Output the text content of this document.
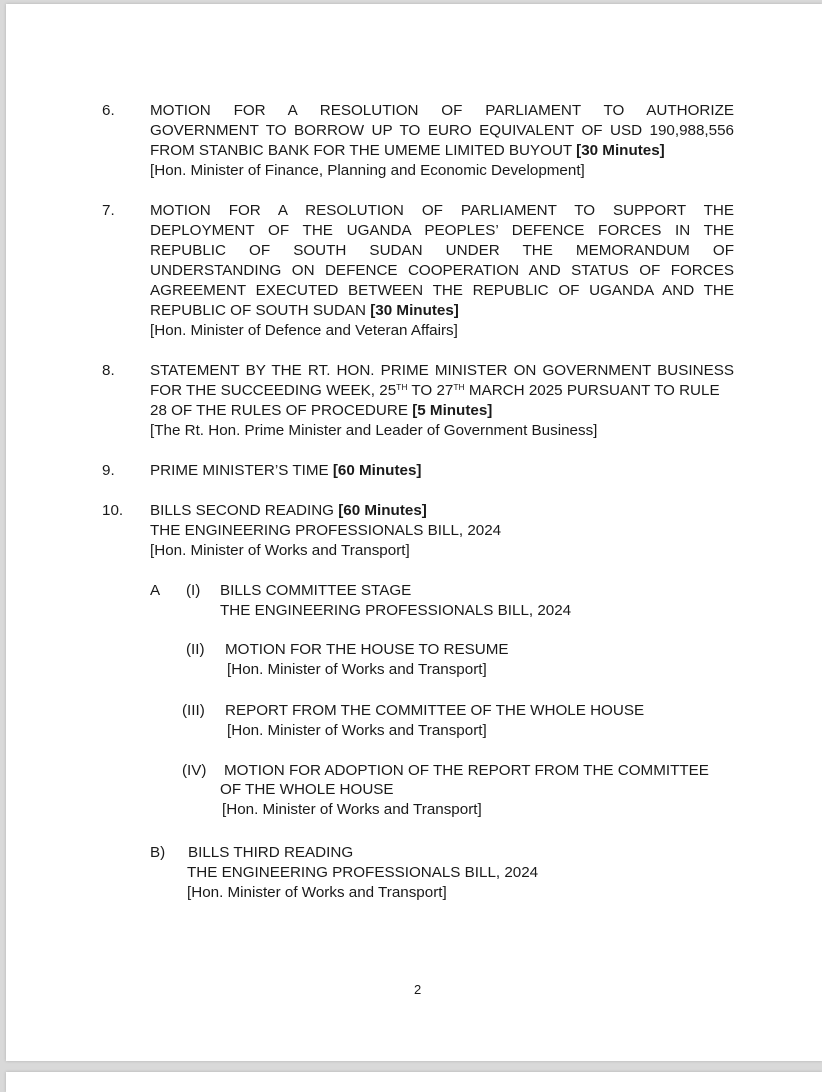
6. MOTION FOR A RESOLUTION OF PARLIAMENT TO AUTHORIZE
GOVERNMENT TO BORROW UP TO EURO EQUIVALENT OF USD 190,988,556
FROM STANBIC BANK FOR THE UMEME LIMITED BUYOUT [30 Minutes]
[Hon. Minister of Finance, Planning and Economic Development]
7. MOTION FOR A RESOLUTION OF PARLIAMENT TO SUPPORT THE
DEPLOYMENT OF THE UGANDA PEOPLES’ DEFENCE FORCES IN THE
REPUBLIC OF SOUTH SUDAN UNDER THE MEMORANDUM OF
UNDERSTANDING ON DEFENCE COOPERATION AND STATUS OF FORCES
AGREEMENT EXECUTED BETWEEN THE REPUBLIC OF UGANDA AND THE
REPUBLIC OF SOUTH SUDAN [30 Minutes]
[Hon. Minister of Defence and Veteran Affairs]
8. STATEMENT BY THE RT. HON. PRIME MINISTER ON GOVERNMENT BUSINESS
FOR THE SUCCEEDING WEEK, 25TH TO 27TH MARCH 2025 PURSUANT TO RULE
28 OF THE RULES OF PROCEDURE [5 Minutes]
[The Rt. Hon. Prime Minister and Leader of Government Business]
9. PRIME MINISTER’S TIME [60 Minutes]
10. BILLS SECOND READING [60 Minutes]
THE ENGINEERING PROFESSIONALS BILL, 2024
[Hon. Minister of Works and Transport]
A (I) BILLS COMMITTEE STAGE
THE ENGINEERING PROFESSIONALS BILL, 2024
(II) MOTION FOR THE HOUSE TO RESUME
[Hon. Minister of Works and Transport]
(III) REPORT FROM THE COMMITTEE OF THE WHOLE HOUSE
[Hon. Minister of Works and Transport]
(IV) MOTION FOR ADOPTION OF THE REPORT FROM THE COMMITTEE
OF THE WHOLE HOUSE
[Hon. Minister of Works and Transport]
B) BILLS THIRD READING
THE ENGINEERING PROFESSIONALS BILL, 2024
[Hon. Minister of Works and Transport]
2
